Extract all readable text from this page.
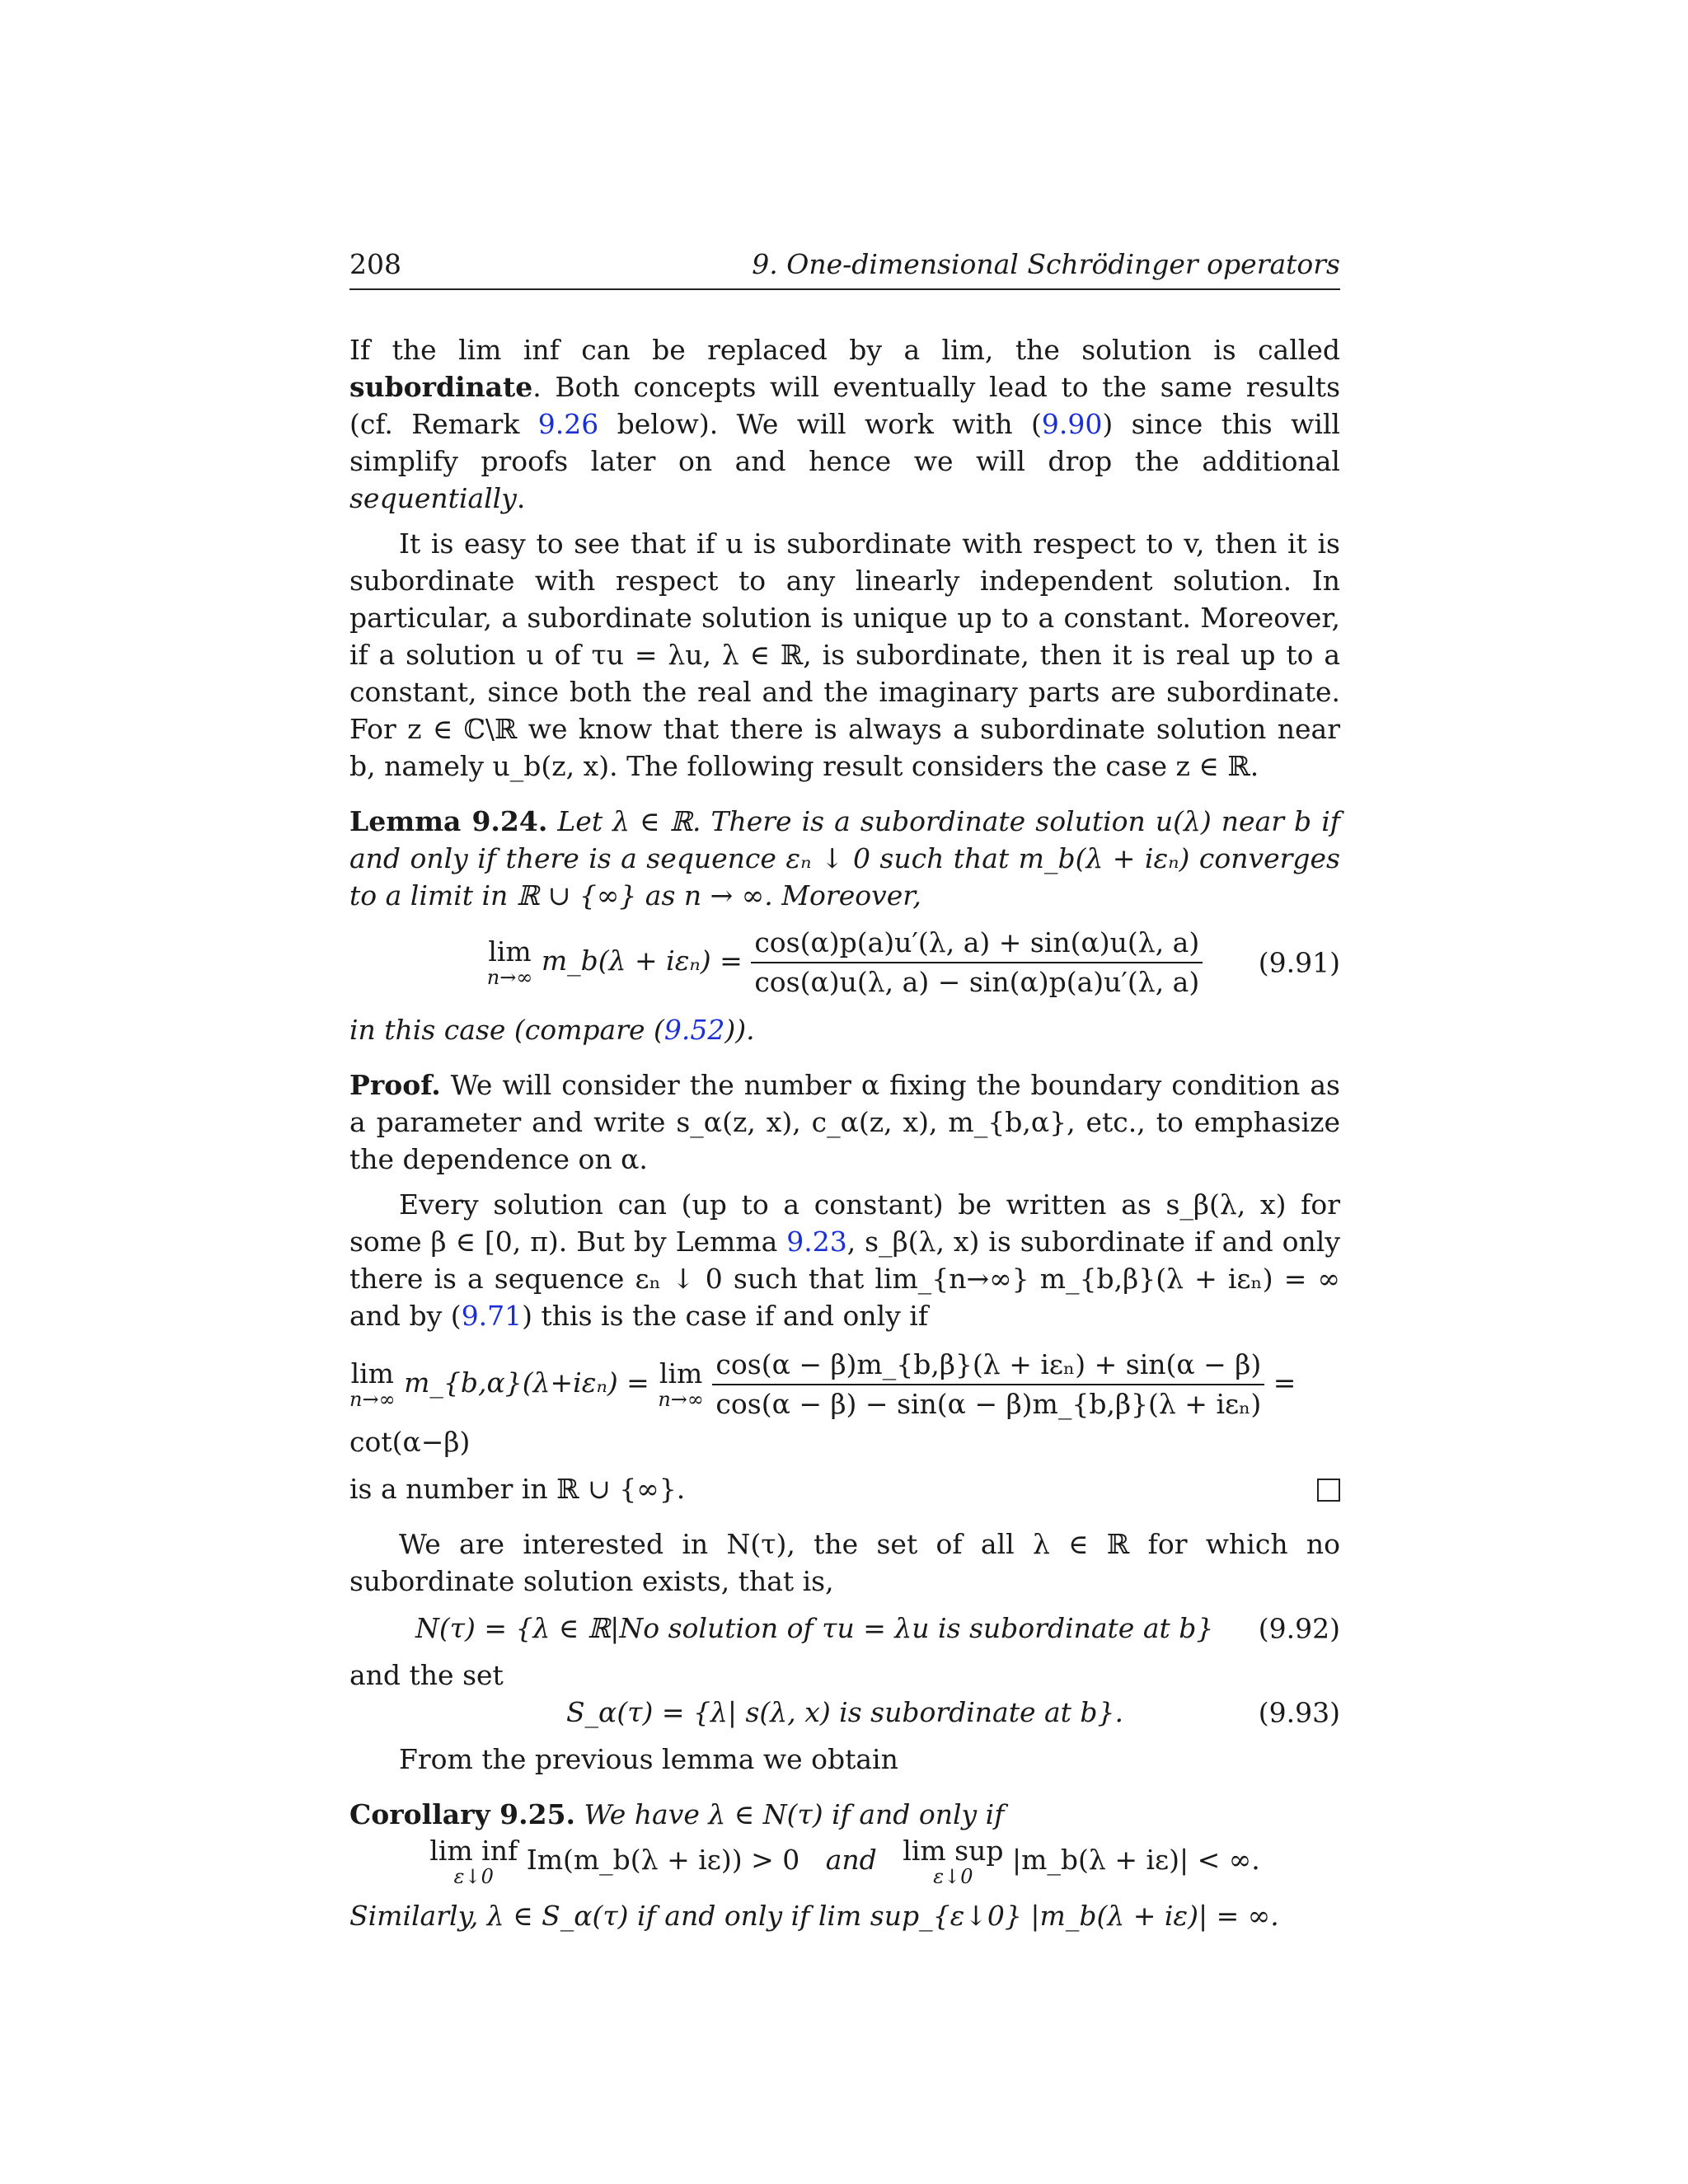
208	9. One-dimensional Schrödinger operators

If the lim inf can be replaced by a lim, the solution is called subordinate. Both concepts will eventually lead to the same results (cf. Remark 9.26 below). We will work with (9.90) since this will simplify proofs later on and hence we will drop the additional sequentially.

It is easy to see that if u is subordinate with respect to v, then it is subordinate with respect to any linearly independent solution. In particular, a subordinate solution is unique up to a constant. Moreover, if a solution u of τu = λu, λ ∈ ℝ, is subordinate, then it is real up to a constant, since both the real and the imaginary parts are subordinate. For z ∈ ℂ\ℝ we know that there is always a subordinate solution near b, namely u_b(z, x). The following result considers the case z ∈ ℝ.

Lemma 9.24. Let λ ∈ ℝ. There is a subordinate solution u(λ) near b if and only if there is a sequence εₙ ↓ 0 such that m_b(λ + iεₙ) converges to a limit in ℝ ∪ {∞} as n → ∞. Moreover,

lim
n→∞
m_b(λ + $i\varepsilon_n) = \frac{\cos(\alpha)p(a)u'(\lambda, a) + \sin(\alpha)u(\lambda, a)}{\cos(\alpha)u(\lambda, a) - \sin(\alpha)p(a)u'(\lambda, a)} (9.91)$

in this case (compare (9.52)).

Proof. We will consider the number α fixing the boundary condition as a parameter and write s_α(z, x), c_α(z, x), m_{b,α}, etc., to emphasize the dependence on α.

Every solution can (up to a constant) be written as s_β(λ, x) for some β ∈ [0, π). But by Lemma 9.23, s_β(λ, x) is subordinate if and only there is a sequence εₙ ↓ 0 such that lim_{n→∞} m_{b,β}(λ + iεₙ) = ∞ and by (9.71) this is the case if and only if

lim
n→∞
m_{b,α}(λ+iεₙ) = lim
n→∞
$\frac{\text{cos(α − β)m\_\{b,β\}(λ + iεₙ) + sin(α − β)}}{\text{cos(α − β) − sin(α − β)m\_\{b,β\}(λ + iεₙ)}} = \cot(\alpha-\beta)$

is a number in ℝ ∪ {∞}.

We are interested in N(τ), the set of all λ ∈ ℝ for which no subordinate solution exists, that is,

N(τ) = {λ ∈ ℝ|No solution of τu = λu is subordinate at b} (9.92)

and the set

S_α(τ) = {λ| s(λ, x) is subordinate at b}.	(9.93)

From the previous lemma we obtain

Corollary 9.25. We have λ ∈ N(τ) if and only if

lim inf
ε↓0
Im(m_b(λ + iε)) > 0 and lim sup
ε↓0
|m_b(λ + iε)| < ∞.

Similarly, λ ∈ S_α(τ) if and only if lim sup_{ε↓0} |m_b(λ + iε)| = ∞.
